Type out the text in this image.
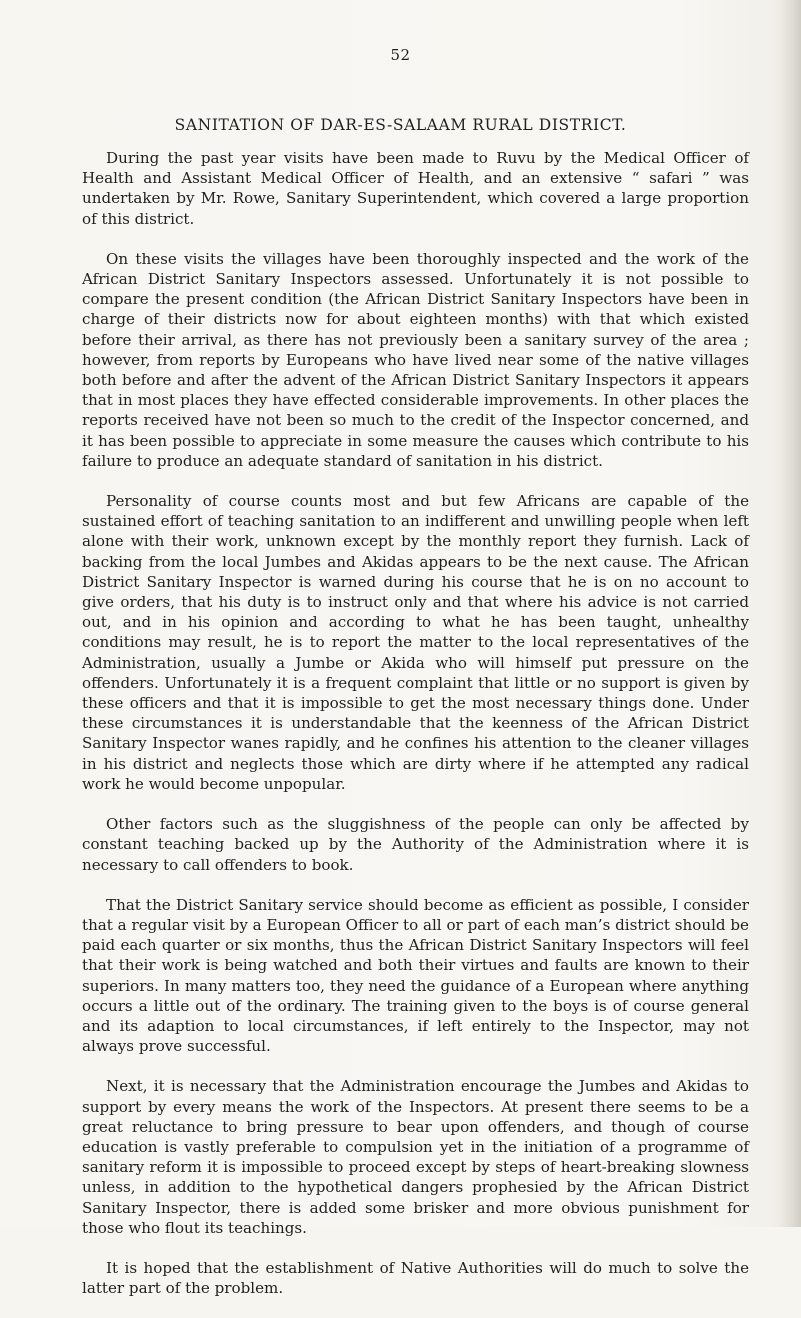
52
SANITATION OF DAR-ES-SALAAM RURAL DISTRICT.

During the past year visits have been made to Ruvu by the Medical Officer of Health and Assistant Medical Officer of Health, and an extensive “ safari ” was undertaken by Mr. Rowe, Sanitary Superintendent, which covered a large proportion of this district.

On these visits the villages have been thoroughly inspected and the work of the African District Sanitary Inspectors assessed. Unfortunately it is not possible to compare the present condition (the African District Sanitary Inspectors have been in charge of their districts now for about eighteen months) with that which existed before their arrival, as there has not previously been a sanitary survey of the area ; however, from reports by Europeans who have lived near some of the native villages both before and after the advent of the African District Sanitary Inspectors it appears that in most places they have effected considerable improvements. In other places the reports received have not been so much to the credit of the Inspector concerned, and it has been possible to appreciate in some measure the causes which contribute to his failure to produce an adequate standard of sanitation in his district.

Personality of course counts most and but few Africans are capable of the sustained effort of teaching sanitation to an indifferent and unwilling people when left alone with their work, unknown except by the monthly report they furnish. Lack of backing from the local Jumbes and Akidas appears to be the next cause. The African District Sanitary Inspector is warned during his course that he is on no account to give orders, that his duty is to instruct only and that where his advice is not carried out, and in his opinion and according to what he has been taught, unhealthy conditions may result, he is to report the matter to the local representatives of the Administration, usually a Jumbe or Akida who will himself put pressure on the offenders. Unfortunately it is a frequent complaint that little or no support is given by these officers and that it is impossible to get the most necessary things done. Under these circumstances it is understandable that the keenness of the African District Sanitary Inspector wanes rapidly, and he confines his attention to the cleaner villages in his district and neglects those which are dirty where if he attempted any radical work he would become unpopular.

Other factors such as the sluggishness of the people can only be affected by constant teaching backed up by the Authority of the Administration where it is necessary to call offenders to book.

That the District Sanitary service should become as efficient as possible, I consider that a regular visit by a European Officer to all or part of each man’s district should be paid each quarter or six months, thus the African District Sanitary Inspectors will feel that their work is being watched and both their virtues and faults are known to their superiors. In many matters too, they need the guidance of a European where anything occurs a little out of the ordinary. The training given to the boys is of course general and its adaption to local circumstances, if left entirely to the Inspector, may not always prove successful.

Next, it is necessary that the Administration encourage the Jumbes and Akidas to support by every means the work of the Inspectors. At present there seems to be a great reluctance to bring pressure to bear upon offenders, and though of course education is vastly preferable to compulsion yet in the initiation of a programme of sanitary reform it is impossible to proceed except by steps of heart-breaking slowness unless, in addition to the hypothetical dangers prophesied by the African District Sanitary Inspector, there is added some brisker and more obvious punishment for those who flout its teachings.

It is hoped that the establishment of Native Authorities will do much to solve the latter part of the problem.
